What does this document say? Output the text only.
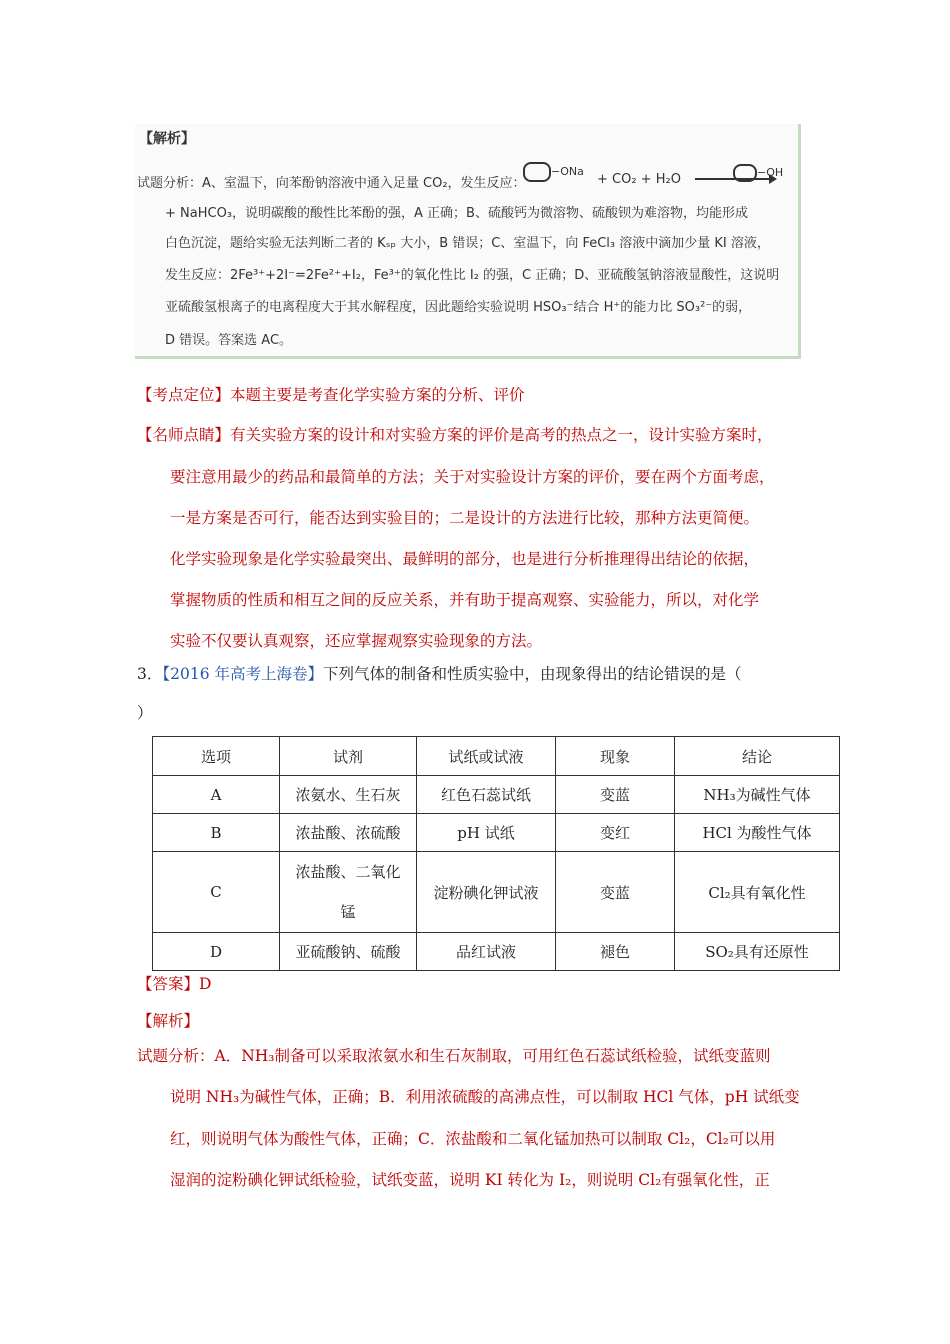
【解析】
试题分析：A、室温下，向苯酚钠溶液中通入足量 CO₂，发生反应：
−ONa
+ CO₂ + H₂O	−OH
+ NaHCO₃，说明碳酸的酸性比苯酚的强，A 正确；B、硫酸钙为微溶物、硫酸钡为难溶物，均能形成
白色沉淀，题给实验无法判断二者的 Kₛₚ 大小，B 错误；C、室温下，向 FeCl₃ 溶液中滴加少量 KI 溶液，
发生反应：2Fe³⁺+2I⁻=2Fe²⁺+I₂，Fe³⁺的氧化性比 I₂ 的强，C 正确；D、亚硫酸氢钠溶液显酸性，这说明
亚硫酸氢根离子的电离程度大于其水解程度，因此题给实验说明 HSO₃⁻结合 H⁺的能力比 SO₃²⁻的弱，
D 错误。答案选 AC。
【考点定位】本题主要是考查化学实验方案的分析、评价
【名师点睛】有关实验方案的设计和对实验方案的评价是高考的热点之一，设计实验方案时，
要注意用最少的药品和最简单的方法；关于对实验设计方案的评价，要在两个方面考虑，
一是方案是否可行，能否达到实验目的；二是设计的方法进行比较，那种方法更简便。
化学实验现象是化学实验最突出、最鲜明的部分，也是进行分析推理得出结论的依据，
掌握物质的性质和相互之间的反应关系，并有助于提高观察、实验能力，所以，对化学
实验不仅要认真观察，还应掌握观察实验现象的方法。
3．【2016 年高考上海卷】下列气体的制备和性质实验中，由现象得出的结论错误的是（
）
选项	试剂	试纸或试液	现象	结论
A	浓氨水、生石灰	红色石蕊试纸	变蓝	NH₃为碱性气体
B	浓盐酸、浓硫酸	pH 试纸	变红	HCl 为酸性气体
C	浓盐酸、二氧化
锰	淀粉碘化钾试液	变蓝	Cl₂具有氧化性
D	亚硫酸钠、硫酸	品红试液	褪色	SO₂具有还原性
【答案】D
【解析】
试题分析：A．NH₃制备可以采取浓氨水和生石灰制取，可用红色石蕊试纸检验，试纸变蓝则
说明 NH₃为碱性气体，正确；B．利用浓硫酸的高沸点性，可以制取 HCl 气体，pH 试纸变
红，则说明气体为酸性气体，正确；C．浓盐酸和二氧化锰加热可以制取 Cl₂，Cl₂可以用
湿润的淀粉碘化钾试纸检验，试纸变蓝，说明 KI 转化为 I₂，则说明 Cl₂有强氧化性，正
